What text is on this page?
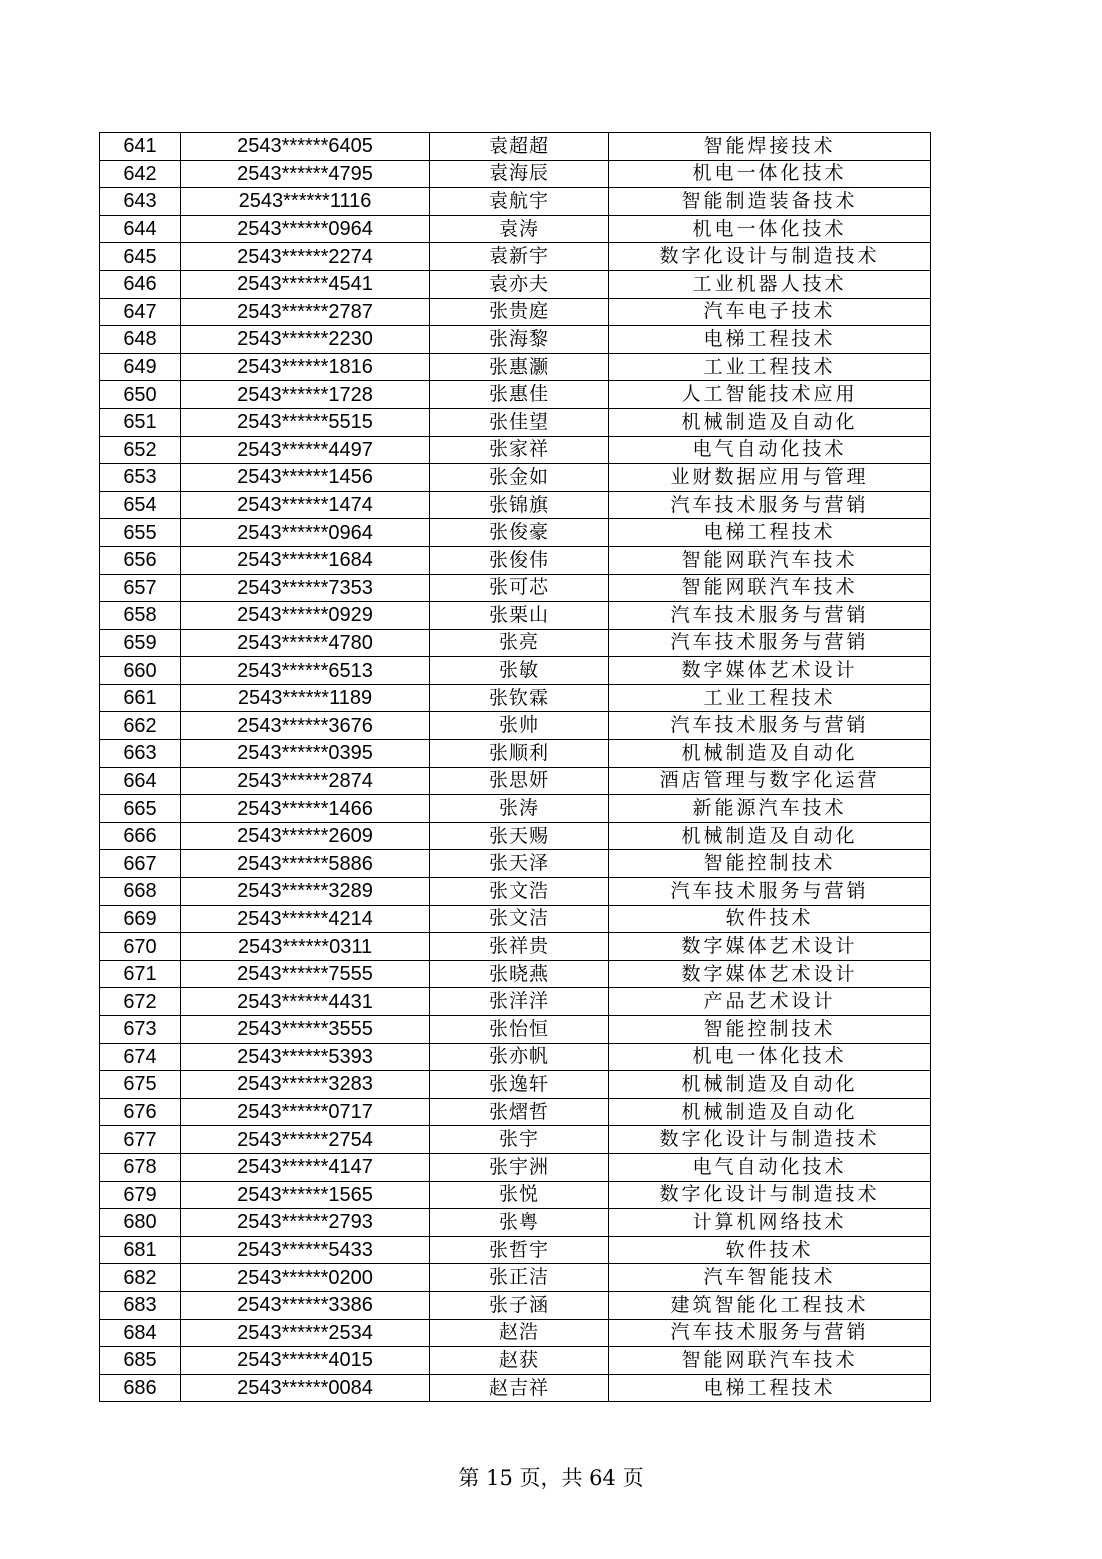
641	2543******6405	袁超超	智能焊接技术
642	2543******4795	袁海辰	机电一体化技术
643	2543******1116	袁航宇	智能制造装备技术
644	2543******0964	袁涛	机电一体化技术
645	2543******2274	袁新宇	数字化设计与制造技术
646	2543******4541	袁亦夫	工业机器人技术
647	2543******2787	张贵庭	汽车电子技术
648	2543******2230	张海黎	电梯工程技术
649	2543******1816	张惠灏	工业工程技术
650	2543******1728	张惠佳	人工智能技术应用
651	2543******5515	张佳望	机械制造及自动化
652	2543******4497	张家祥	电气自动化技术
653	2543******1456	张金如	业财数据应用与管理
654	2543******1474	张锦旗	汽车技术服务与营销
655	2543******0964	张俊豪	电梯工程技术
656	2543******1684	张俊伟	智能网联汽车技术
657	2543******7353	张可芯	智能网联汽车技术
658	2543******0929	张栗山	汽车技术服务与营销
659	2543******4780	张亮	汽车技术服务与营销
660	2543******6513	张敏	数字媒体艺术设计
661	2543******1189	张钦霖	工业工程技术
662	2543******3676	张帅	汽车技术服务与营销
663	2543******0395	张顺利	机械制造及自动化
664	2543******2874	张思妍	酒店管理与数字化运营
665	2543******1466	张涛	新能源汽车技术
666	2543******2609	张天赐	机械制造及自动化
667	2543******5886	张天泽	智能控制技术
668	2543******3289	张文浩	汽车技术服务与营销
669	2543******4214	张文洁	软件技术
670	2543******0311	张祥贵	数字媒体艺术设计
671	2543******7555	张晓燕	数字媒体艺术设计
672	2543******4431	张洋洋	产品艺术设计
673	2543******3555	张怡恒	智能控制技术
674	2543******5393	张亦帆	机电一体化技术
675	2543******3283	张逸轩	机械制造及自动化
676	2543******0717	张熠哲	机械制造及自动化
677	2543******2754	张宇	数字化设计与制造技术
678	2543******4147	张宇洲	电气自动化技术
679	2543******1565	张悦	数字化设计与制造技术
680	2543******2793	张粤	计算机网络技术
681	2543******5433	张哲宇	软件技术
682	2543******0200	张正洁	汽车智能技术
683	2543******3386	张子涵	建筑智能化工程技术
684	2543******2534	赵浩	汽车技术服务与营销
685	2543******4015	赵获	智能网联汽车技术
686	2543******0084	赵吉祥	电梯工程技术
第 15 页，共 64 页
